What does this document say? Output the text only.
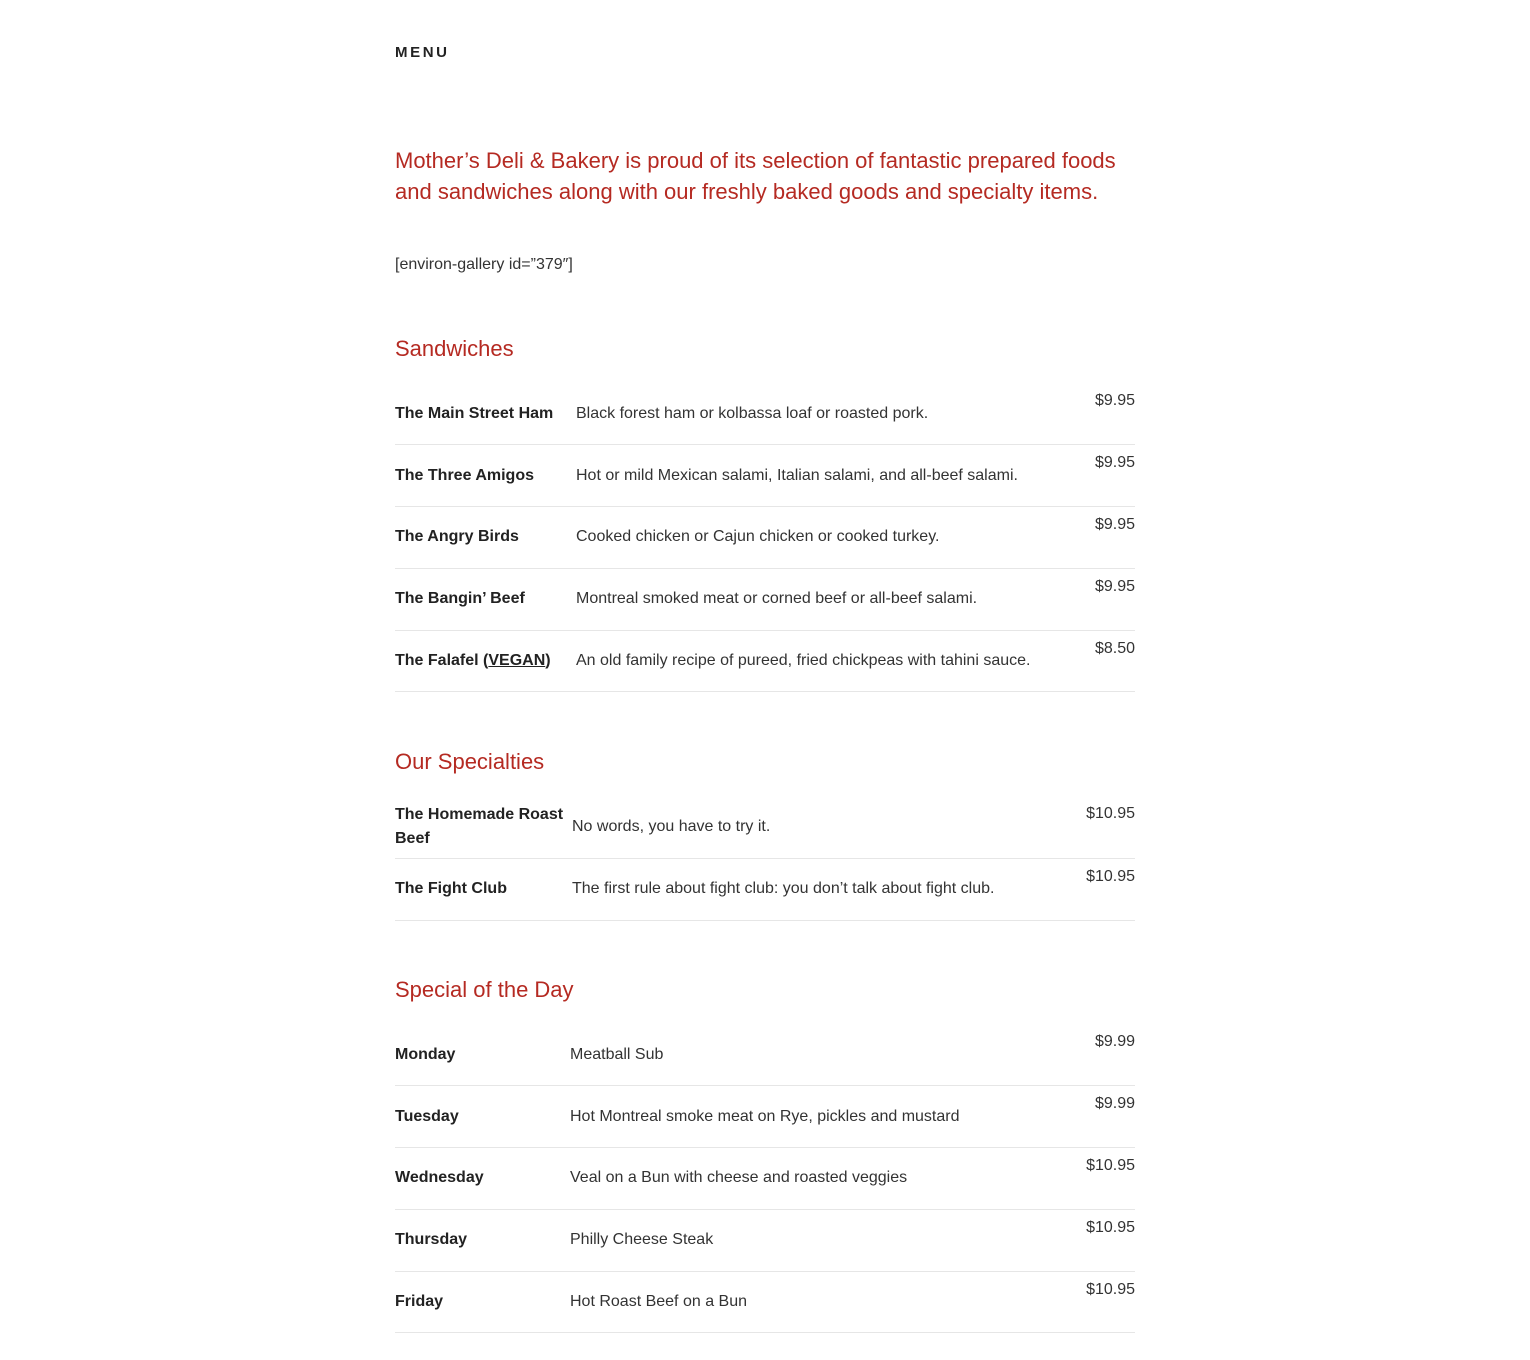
MENU

Mother’s Deli & Bakery is proud of its selection of fantastic prepared foods and sandwiches along with our freshly baked goods and specialty items.

[environ-gallery id=”379″]

Sandwiches
The Main Street Ham	Black forest ham or kolbassa loaf or roasted pork.	$9.95
The Three Amigos	Hot or mild Mexican salami, Italian salami, and all-beef salami.	$9.95
The Angry Birds	Cooked chicken or Cajun chicken or cooked turkey.	$9.95
The Bangin’ Beef	Montreal smoked meat or corned beef or all-beef salami.	$9.95
The Falafel (VEGAN)	An old family recipe of pureed, fried chickpeas with tahini sauce.	$8.50
Our Specialties
The Homemade Roast Beef	No words, you have to try it.	$10.95
The Fight Club	The first rule about fight club: you don’t talk about fight club.	$10.95
Special of the Day
Monday	Meatball Sub	$9.99
Tuesday	Hot Montreal smoke meat on Rye, pickles and mustard	$9.99
Wednesday	Veal on a Bun with cheese and roasted veggies	$10.95
Thursday	Philly Cheese Steak	$10.95
Friday	Hot Roast Beef on a Bun	$10.95
